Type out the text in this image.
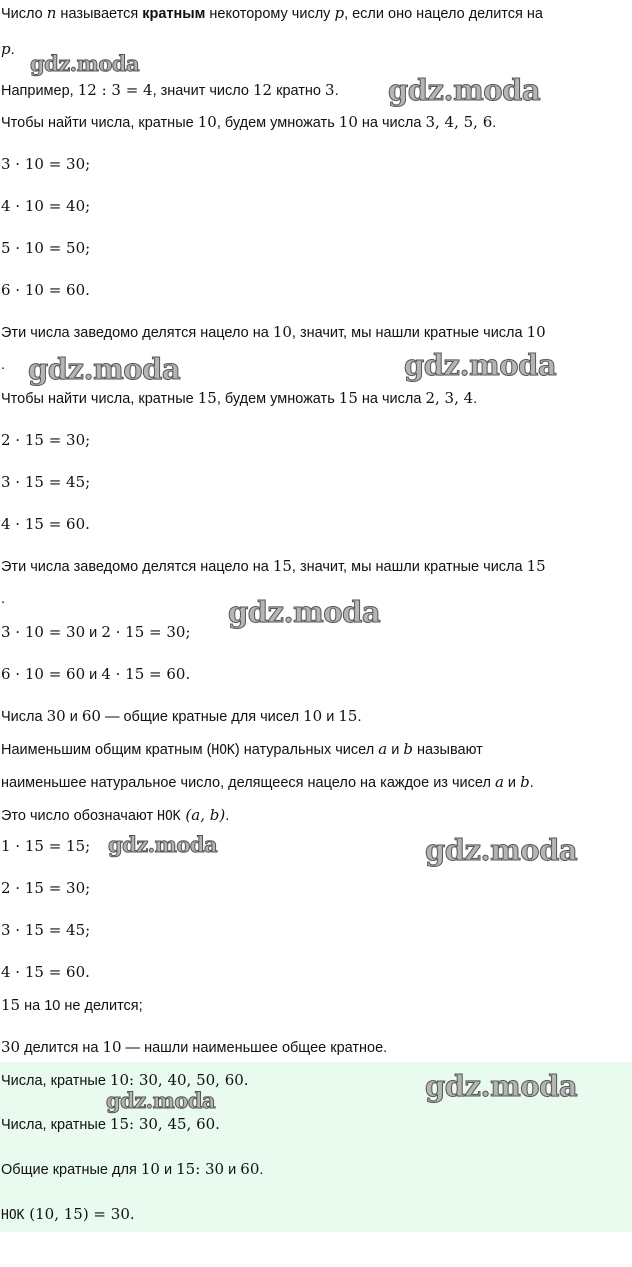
Число n называется кратным некоторому числу p, если оно нацело делится на
p.
Например, 12 : 3 = 4, значит число 12 кратно 3.
Чтобы найти числа, кратные 10, будем умножать 10 на числа 3, 4, 5, 6.
3 · 10 = 30;
4 · 10 = 40;
5 · 10 = 50;
6 · 10 = 60.
Эти числа заведомо делятся нацело на 10, значит, мы нашли кратные числа 10
.
Чтобы найти числа, кратные 15, будем умножать 15 на числа 2, 3, 4.
2 · 15 = 30;
3 · 15 = 45;
4 · 15 = 60.
Эти числа заведомо делятся нацело на 15, значит, мы нашли кратные числа 15
.
3 · 10 = 30 и 2 · 15 = 30;
6 · 10 = 60 и 4 · 15 = 60.
Числа 30 и 60 — общие кратные для чисел 10 и 15.
Наименьшим общим кратным (НОК) натуральных чисел a и b называют
наименьшее натуральное число, делящееся нацело на каждое из чисел a и b.
Это число обозначают НОК (a, b).
1 · 15 = 15;
2 · 15 = 30;
3 · 15 = 45;
4 · 15 = 60.
15 на 10 не делится;
30 делится на 10 — нашли наименьшее общее кратное.
Числа, кратные 10: 30, 40, 50, 60.
Числа, кратные 15: 30, 45, 60.
Общие кратные для 10 и 15: 30 и 60.
НОК (10, 15) = 30.
gdz.moda
gdz.moda
gdz.moda	gdz.moda
gdz.moda
gdz.moda	gdz.moda
gdz.moda
gdz.moda
